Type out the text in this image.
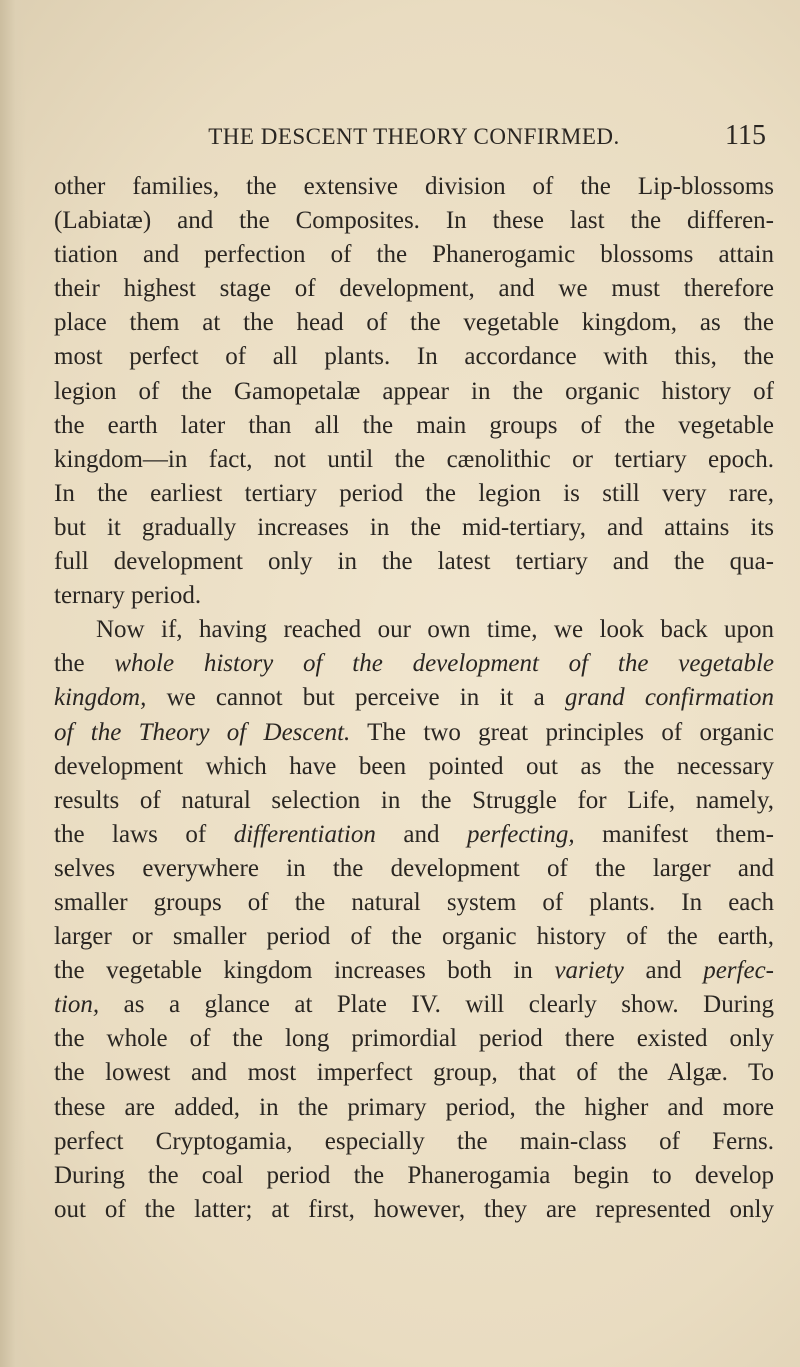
THE DESCENT THEORY CONFIRMED.	115
other families, the extensive division of the Lip-blossoms
(Labiatæ) and the Composites. In these last the differen-
tiation and perfection of the Phanerogamic blossoms attain
their highest stage of development, and we must therefore
place them at the head of the vegetable kingdom, as the
most perfect of all plants. In accordance with this, the
legion of the Gamopetalæ appear in the organic history of
the earth later than all the main groups of the vegetable
kingdom—in fact, not until the cænolithic or tertiary epoch.
In the earliest tertiary period the legion is still very rare,
but it gradually increases in the mid-tertiary, and attains its
full development only in the latest tertiary and the qua-
ternary period.
Now if, having reached our own time, we look back upon
the whole history of the development of the vegetable
kingdom, we cannot but perceive in it a grand confirmation
of the Theory of Descent. The two great principles of organic
development which have been pointed out as the necessary
results of natural selection in the Struggle for Life, namely,
the laws of differentiation and perfecting, manifest them-
selves everywhere in the development of the larger and
smaller groups of the natural system of plants. In each
larger or smaller period of the organic history of the earth,
the vegetable kingdom increases both in variety and perfec-
tion, as a glance at Plate IV. will clearly show. During
the whole of the long primordial period there existed only
the lowest and most imperfect group, that of the Algæ. To
these are added, in the primary period, the higher and more
perfect Cryptogamia, especially the main-class of Ferns.
During the coal period the Phanerogamia begin to develop
out of the latter; at first, however, they are represented only
